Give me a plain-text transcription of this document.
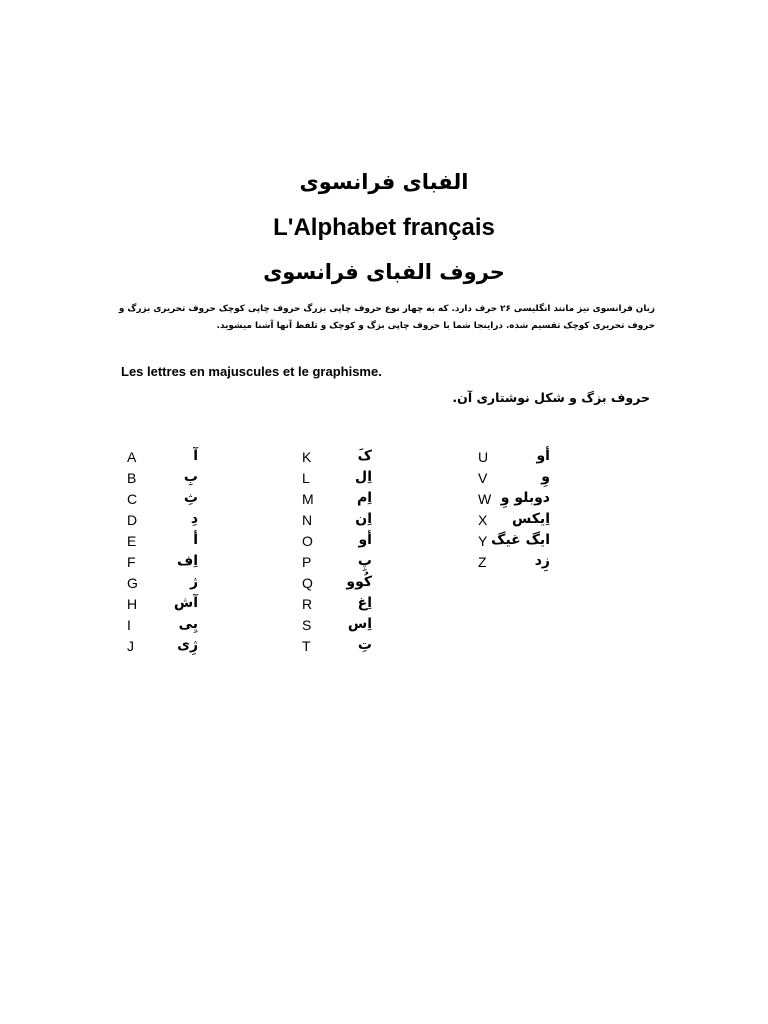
الفبای فرانسوی
L'Alphabet français
حروف الفبای فرانسوی
زبان فرانسوی نیز مانند انگلیسی ۲۶ حرف دارد. که به چهار نوع حروف چاپی بزرگ حروف چاپی کوچک حروف تحریری بزرگ و
حروف تحریری کوچک تقسیم شده. دراینجا شما با حروف چاپی بزگ و کوچک و تلفظ آنها آشنا میشوید.
Les lettres en majuscules et le graphisme.
حروف بزگ و شکل نوشتاری آن.
A	آ
B	بِ
C	ثِ
D	دِ
E	أ
F	اِف
G	ژ
H	آش
I	یِی
J	ژِی
K	کَ
L	اِل
M	اِم
N	اِن
O	أو
P	پِ
Q کُوو
R	اِغ
S	اِس
T	تِ
U	أو
V	وِ
W دوبلو وِ
X اِیکس
Y ایگ غیگ
Z	زِد
